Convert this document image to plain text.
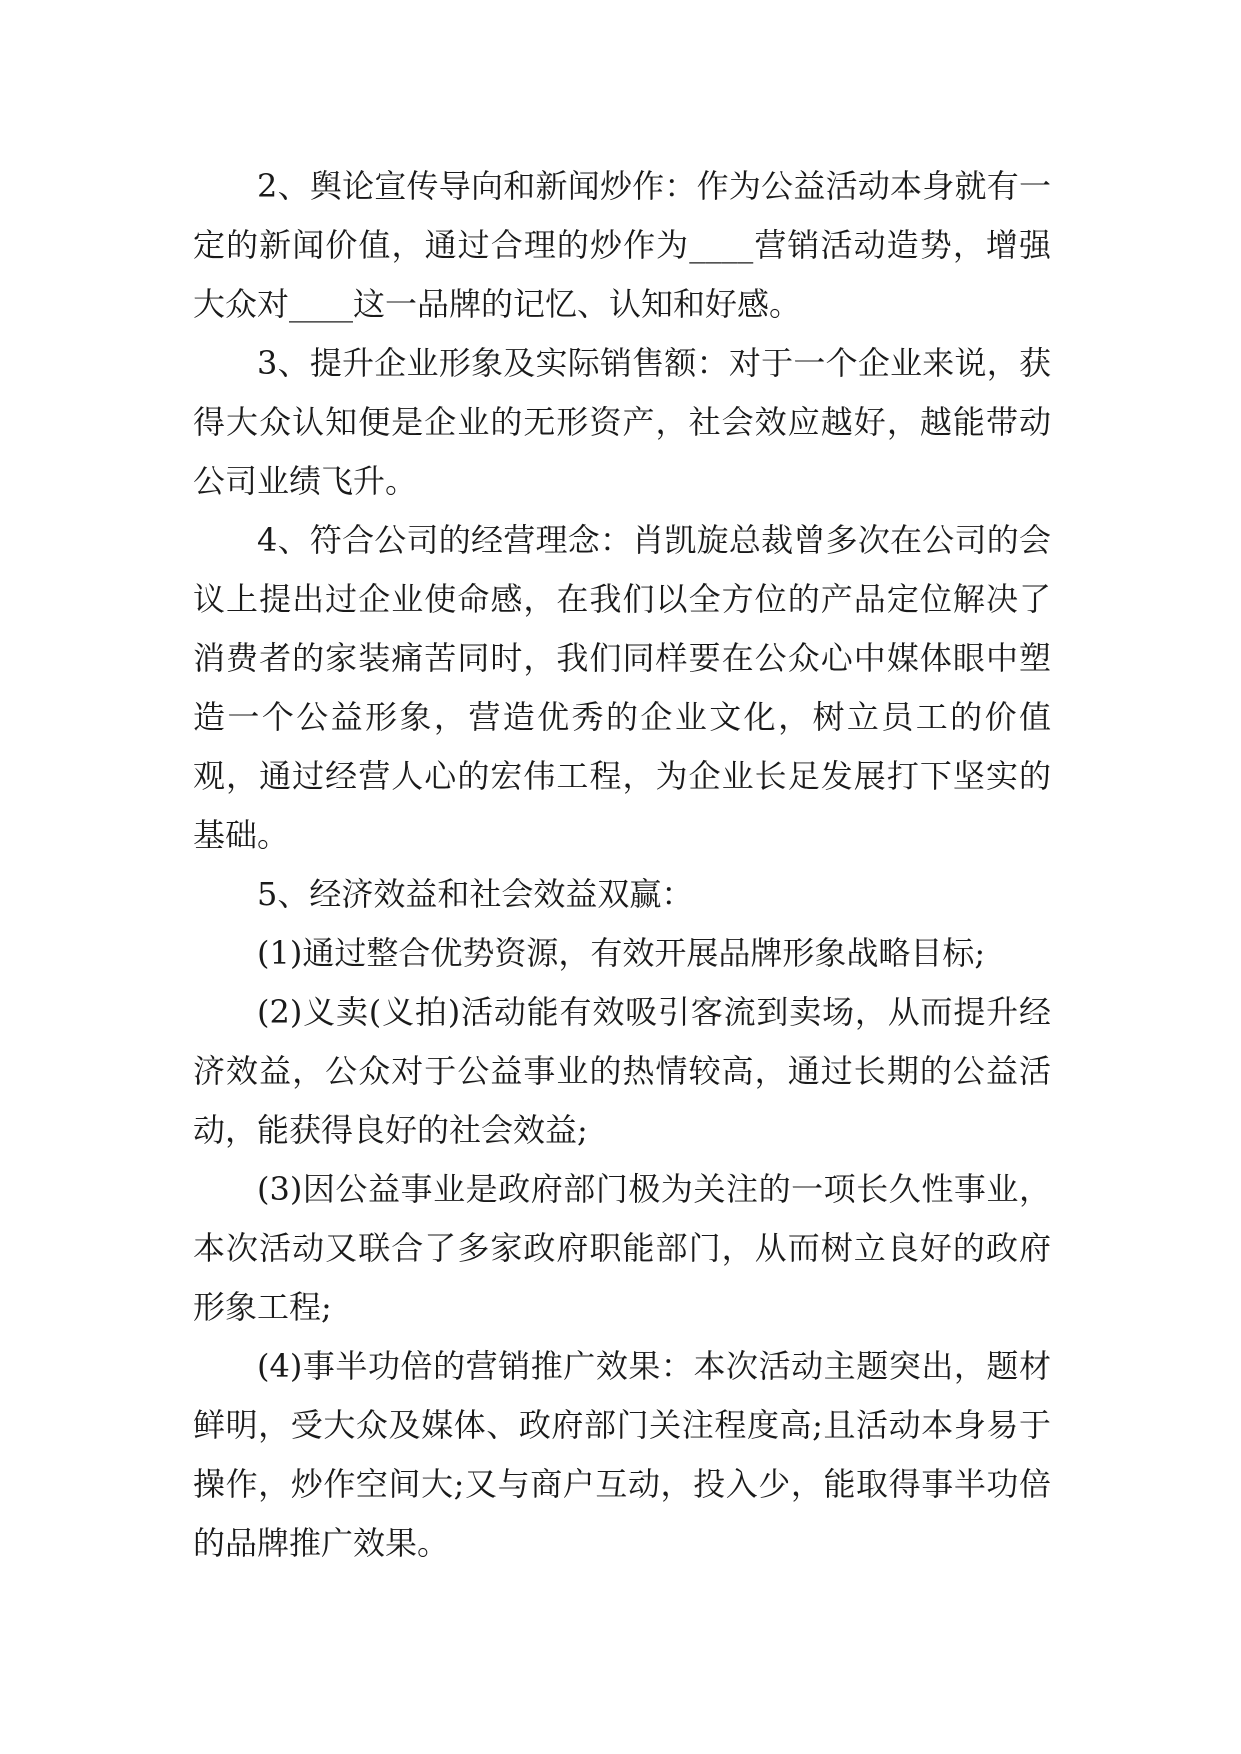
2、舆论宣传导向和新闻炒作：作为公益活动本身就有一定的新闻价值，通过合理的炒作为____营销活动造势，增强大众对____这一品牌的记忆、认知和好感。

3、提升企业形象及实际销售额：对于一个企业来说，获得大众认知便是企业的无形资产，社会效应越好，越能带动公司业绩飞升。

4、符合公司的经营理念：肖凯旋总裁曾多次在公司的会议上提出过企业使命感，在我们以全方位的产品定位解决了消费者的家装痛苦同时，我们同样要在公众心中媒体眼中塑造一个公益形象，营造优秀的企业文化，树立员工的价值观，通过经营人心的宏伟工程，为企业长足发展打下坚实的基础。

5、经济效益和社会效益双赢：

(1)通过整合优势资源，有效开展品牌形象战略目标;

(2)义卖(义拍)活动能有效吸引客流到卖场，从而提升经济效益，公众对于公益事业的热情较高，通过长期的公益活动，能获得良好的社会效益;

(3)因公益事业是政府部门极为关注的一项长久性事业，本次活动又联合了多家政府职能部门，从而树立良好的政府形象工程;

(4)事半功倍的营销推广效果：本次活动主题突出，题材鲜明，受大众及媒体、政府部门关注程度高;且活动本身易于操作，炒作空间大;又与商户互动，投入少，能取得事半功倍的品牌推广效果。
